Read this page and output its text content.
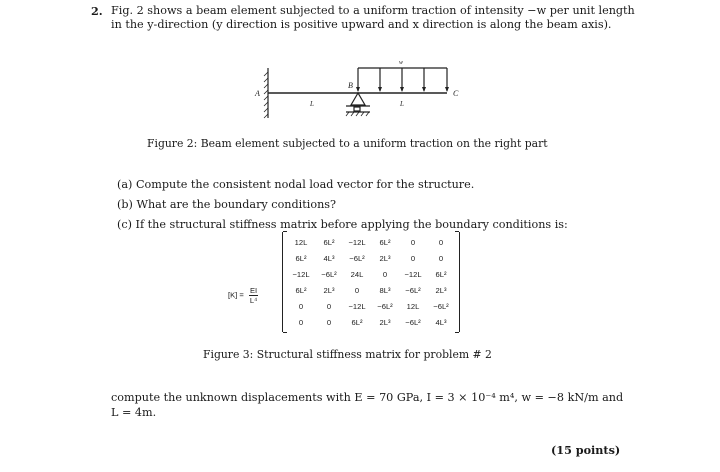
2. Fig. 2 shows a beam element subjected to a uniform traction of intensity −w per unit length
in the y-direction (y direction is positive upward and x direction is along the beam axis).
A
B
C
w
L	L
Figure 2: Beam element subjected to a uniform traction on the right part
(a) Compute the consistent nodal load vector for the structure.
(b) What are the boundary conditions?
(c) If the structural stiffness matrix before applying the boundary conditions is:
$[K] = \frac{EI}{\text{L⁴}}$
12L	6L²	−12L	6L²	0	0
6L²	4L³	−6L²	2L³	0	0
−12L	−6L²	24L	0	−12L	6L²
6L²	2L³	0	8L³	−6L²	2L³
0	0	−12L	−6L²	12L	−6L²
0	0	6L²	2L³	−6L²	4L³
Figure 3: Structural stiffness matrix for problem # 2
compute the unknown displacements with E = 70 GPa, I = 3 × 10⁻⁴ m⁴, w = −8 kN/m and
L = 4m.
(15 points)
